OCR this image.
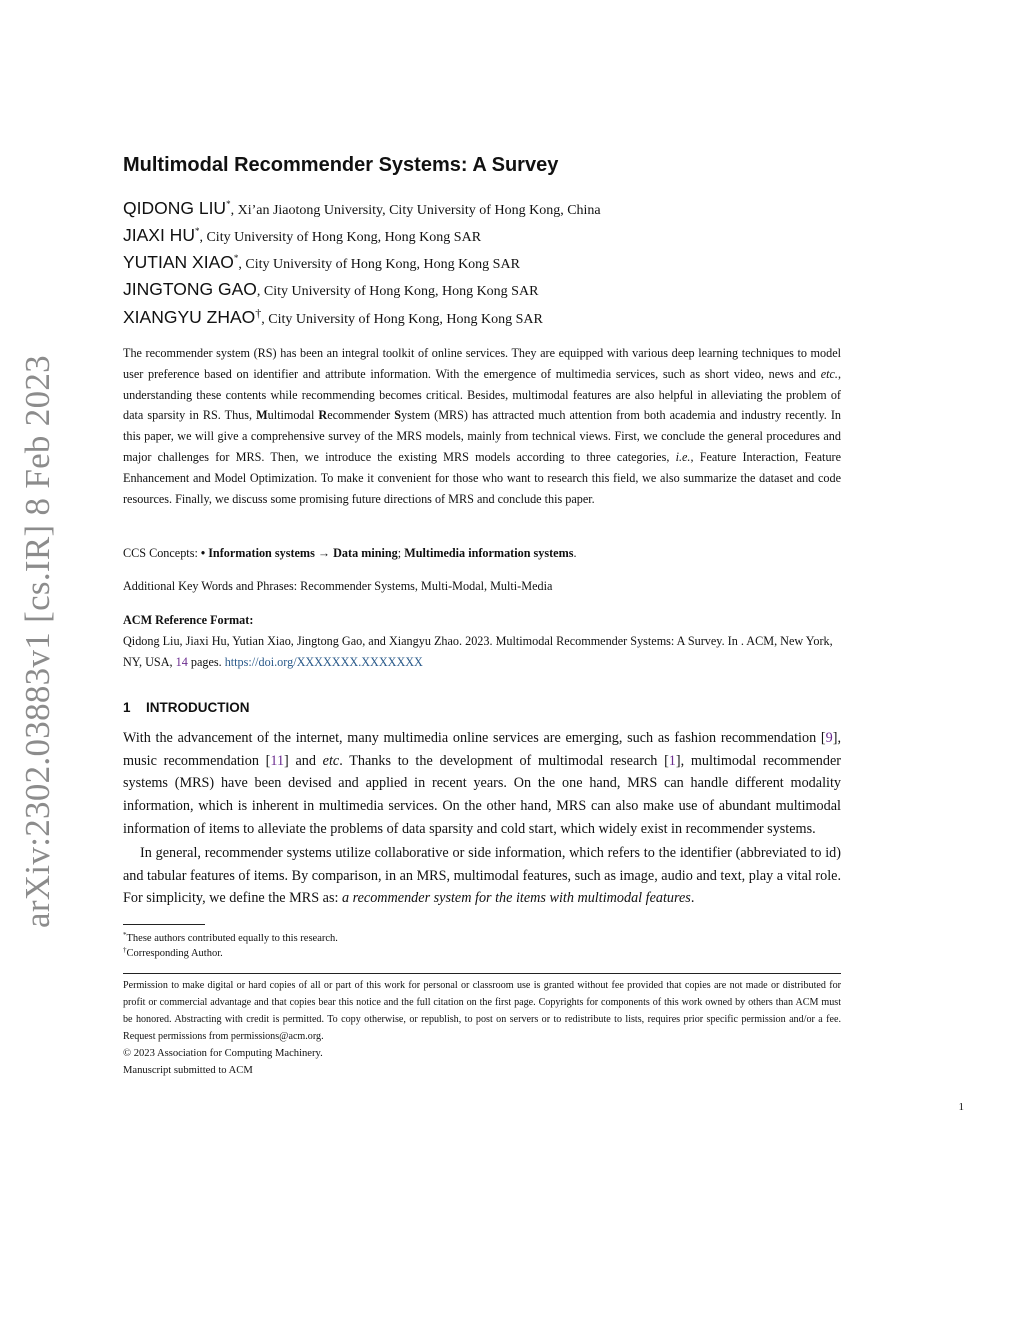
arXiv:2302.03883v1 [cs.IR] 8 Feb 2023
Multimodal Recommender Systems: A Survey
QIDONG LIU*, Xi’an Jiaotong University, City University of Hong Kong, China
JIAXI HU*, City University of Hong Kong, Hong Kong SAR
YUTIAN XIAO*, City University of Hong Kong, Hong Kong SAR
JINGTONG GAO, City University of Hong Kong, Hong Kong SAR
XIANGYU ZHAO†, City University of Hong Kong, Hong Kong SAR
The recommender system (RS) has been an integral toolkit of online services. They are equipped with various deep learning techniques to model user preference based on identifier and attribute information. With the emergence of multimedia services, such as short video, news and etc., understanding these contents while recommending becomes critical. Besides, multimodal features are also helpful in alleviating the problem of data sparsity in RS. Thus, Multimodal Recommender System (MRS) has attracted much attention from both academia and industry recently. In this paper, we will give a comprehensive survey of the MRS models, mainly from technical views. First, we conclude the general procedures and major challenges for MRS. Then, we introduce the existing MRS models according to three categories, i.e., Feature Interaction, Feature Enhancement and Model Optimization. To make it convenient for those who want to research this field, we also summarize the dataset and code resources. Finally, we discuss some promising future directions of MRS and conclude this paper.
CCS Concepts: • Information systems → Data mining; Multimedia information systems.
Additional Key Words and Phrases: Recommender Systems, Multi-Modal, Multi-Media
ACM Reference Format:
Qidong Liu, Jiaxi Hu, Yutian Xiao, Jingtong Gao, and Xiangyu Zhao. 2023. Multimodal Recommender Systems: A Survey. In . ACM, New York, NY, USA, 14 pages. https://doi.org/XXXXXXX.XXXXXXX
1 INTRODUCTION
With the advancement of the internet, many multimedia online services are emerging, such as fashion recommendation [9], music recommendation [11] and etc. Thanks to the development of multimodal research [1], multimodal recommender systems (MRS) have been devised and applied in recent years. On the one hand, MRS can handle different modality information, which is inherent in multimedia services. On the other hand, MRS can also make use of abundant multimodal information of items to alleviate the problems of data sparsity and cold start, which widely exist in recommender systems.
In general, recommender systems utilize collaborative or side information, which refers to the identifier (abbreviated to id) and tabular features of items. By comparison, in an MRS, multimodal features, such as image, audio and text, play a vital role. For simplicity, we define the MRS as: a recommender system for the items with multimodal features.
*These authors contributed equally to this research.
†Corresponding Author.
Permission to make digital or hard copies of all or part of this work for personal or classroom use is granted without fee provided that copies are not made or distributed for profit or commercial advantage and that copies bear this notice and the full citation on the first page. Copyrights for components of this work owned by others than ACM must be honored. Abstracting with credit is permitted. To copy otherwise, or republish, to post on servers or to redistribute to lists, requires prior specific permission and/or a fee. Request permissions from permissions@acm.org.
© 2023 Association for Computing Machinery.
Manuscript submitted to ACM
1
